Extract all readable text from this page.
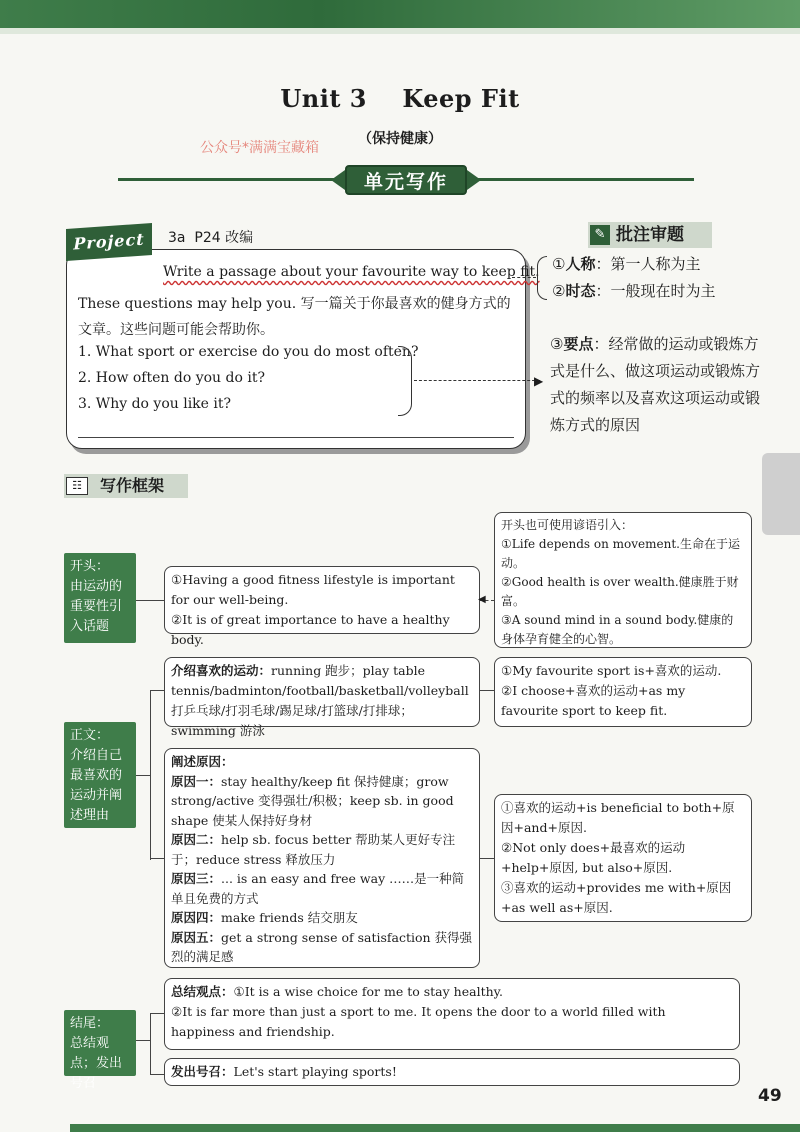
Unit 3    Keep Fit
（保持健康）
公众号*满满宝藏箱
单元写作
Project	3a  P24 改编
Write a passage about your favourite way to keep fit.
These questions may help you. 写一篇关于你最喜欢的健身方式的文章。这些问题可能会帮助你。
1. What sport or exercise do you do most often?
2. How often do you do it?
3. Why do you like it?
▶
批注审题
✎
①人称：第一人称为主
②时态：一般现在时为主
③要点：经常做的运动或锻炼方式是什么、做这项运动或锻炼方式的频率以及喜欢这项运动或锻炼方式的原因
写作框架
☷
开头：
由运动的重要性引入话题
正文：
介绍自己最喜欢的运动并阐述理由
结尾：
总结观点；发出号召
①Having a good fitness lifestyle is important for our well-being.
②It is of great importance to have a healthy body.
◀
开头也可使用谚语引入：
①Life depends on movement.生命在于运动。
②Good health is over wealth.健康胜于财富。
③A sound mind in a sound body.健康的身体孕育健全的心智。
介绍喜欢的运动：running 跑步；play table tennis/badminton/football/basketball/volleyball 打乒乓球/打羽毛球/踢足球/打篮球/打排球；swimming 游泳
①My favourite sport is+喜欢的运动.
②I choose+喜欢的运动+as my favourite sport to keep fit.
阐述原因：
原因一：stay healthy/keep fit 保持健康；grow strong/active 变得强壮/积极；keep sb. in good shape 使某人保持好身材
原因二：help sb. focus better 帮助某人更好专注于；reduce stress 释放压力
原因三：... is an easy and free way ……是一种简单且免费的方式
原因四：make friends 结交朋友
原因五：get a strong sense of satisfaction 获得强烈的满足感
①喜欢的运动+is beneficial to both+原因+and+原因.
②Not only does+最喜欢的运动+help+原因, but also+原因.
③喜欢的运动+provides me with+原因+as well as+原因.
总结观点：①It is a wise choice for me to stay healthy.
②It is far more than just a sport to me. It opens the door to a world filled with happiness and friendship.
发出号召：Let's start playing sports!
49
